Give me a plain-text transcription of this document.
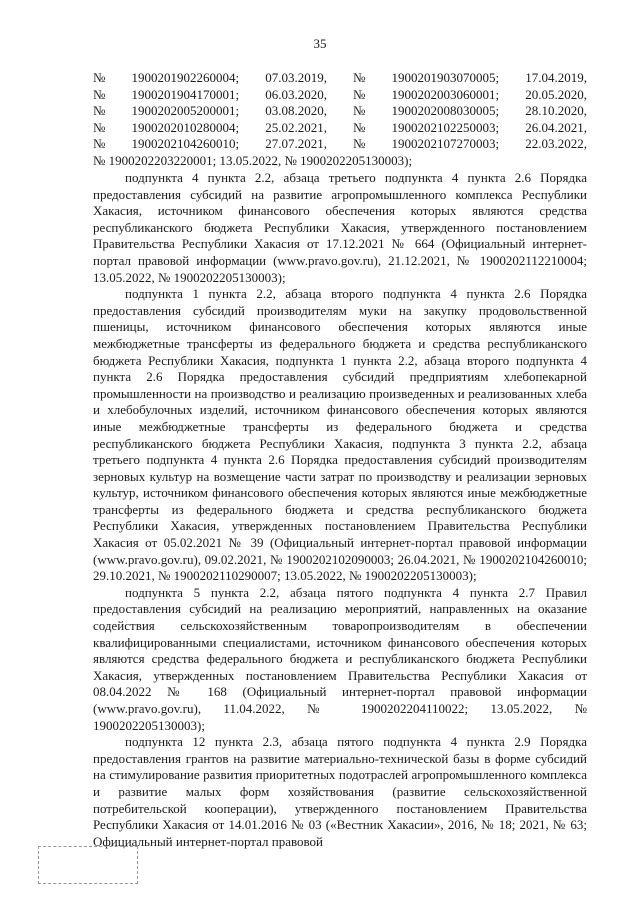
35
№ 1900201902260004; 07.03.2019, № 1900201903070005; 17.04.2019,
№ 1900201904170001; 06.03.2020, № 1900202003060001; 20.05.2020,
№ 1900202005200001; 03.08.2020, № 1900202008030005; 28.10.2020,
№ 1900202010280004; 25.02.2021, № 1900202102250003; 26.04.2021,
№ 1900202104260010; 27.07.2021, № 1900202107270003; 22.03.2022,
№ 1900202203220001; 13.05.2022, № 1900202205130003);

подпункта 4 пункта 2.2, абзаца третьего подпункта 4 пункта 2.6 Порядка предоставления субсидий на развитие агропромышленного комплекса Республики Хакасия, источником финансового обеспечения которых являются средства республиканского бюджета Республики Хакасия, утвержденного постановлением Правительства Республики Хакасия от 17.12.2021 № 664 (Официальный интернет-портал правовой информации (www.pravo.gov.ru), 21.12.2021, № 1900202112210004; 13.05.2022, № 1900202205130003);

подпункта 1 пункта 2.2, абзаца второго подпункта 4 пункта 2.6 Порядка предоставления субсидий производителям муки на закупку продовольственной пшеницы, источником финансового обеспечения которых являются иные межбюджетные трансферты из федерального бюджета и средства республиканского бюджета Республики Хакасия, подпункта 1 пункта 2.2, абзаца второго подпункта 4 пункта 2.6 Порядка предоставления субсидий предприятиям хлебопекарной промышленности на производство и реализацию произведенных и реализованных хлеба и хлебобулочных изделий, источником финансового обеспечения которых являются иные межбюджетные трансферты из федерального бюджета и средства республиканского бюджета Республики Хакасия, подпункта 3 пункта 2.2, абзаца третьего подпункта 4 пункта 2.6 Порядка предоставления субсидий производителям зерновых культур на возмещение части затрат по производству и реализации зерновых культур, источником финансового обеспечения которых являются иные межбюджетные трансферты из федерального бюджета и средства республиканского бюджета Республики Хакасия, утвержденных постановлением Правительства Республики Хакасия от 05.02.2021 № 39 (Официальный интернет-портал правовой информации (www.pravo.gov.ru), 09.02.2021, № 1900202102090003; 26.04.2021, № 1900202104260010; 29.10.2021, № 1900202110290007; 13.05.2022, № 1900202205130003);

подпункта 5 пункта 2.2, абзаца пятого подпункта 4 пункта 2.7 Правил предоставления субсидий на реализацию мероприятий, направленных на оказание содействия сельскохозяйственным товаропроизводителям в обеспечении квалифицированными специалистами, источником финансового обеспечения которых являются средства федерального бюджета и республиканского бюджета Республики Хакасия, утвержденных постановлением Правительства Республики Хакасия от 08.04.2022 № 168 (Официальный интернет-портал правовой информации (www.pravo.gov.ru), 11.04.2022, № 1900202204110022; 13.05.2022, № 1900202205130003);

подпункта 12 пункта 2.3, абзаца пятого подпункта 4 пункта 2.9 Порядка предоставления грантов на развитие материально-технической базы в форме субсидий на стимулирование развития приоритетных подотраслей агропромышленного комплекса и развитие малых форм хозяйствования (развитие сельскохозяйственной потребительской кооперации), утвержденного постановлением Правительства Республики Хакасия от 14.01.2016 № 03 («Вестник Хакасии», 2016, № 18; 2021, № 63; Официальный интернет-портал правовой
